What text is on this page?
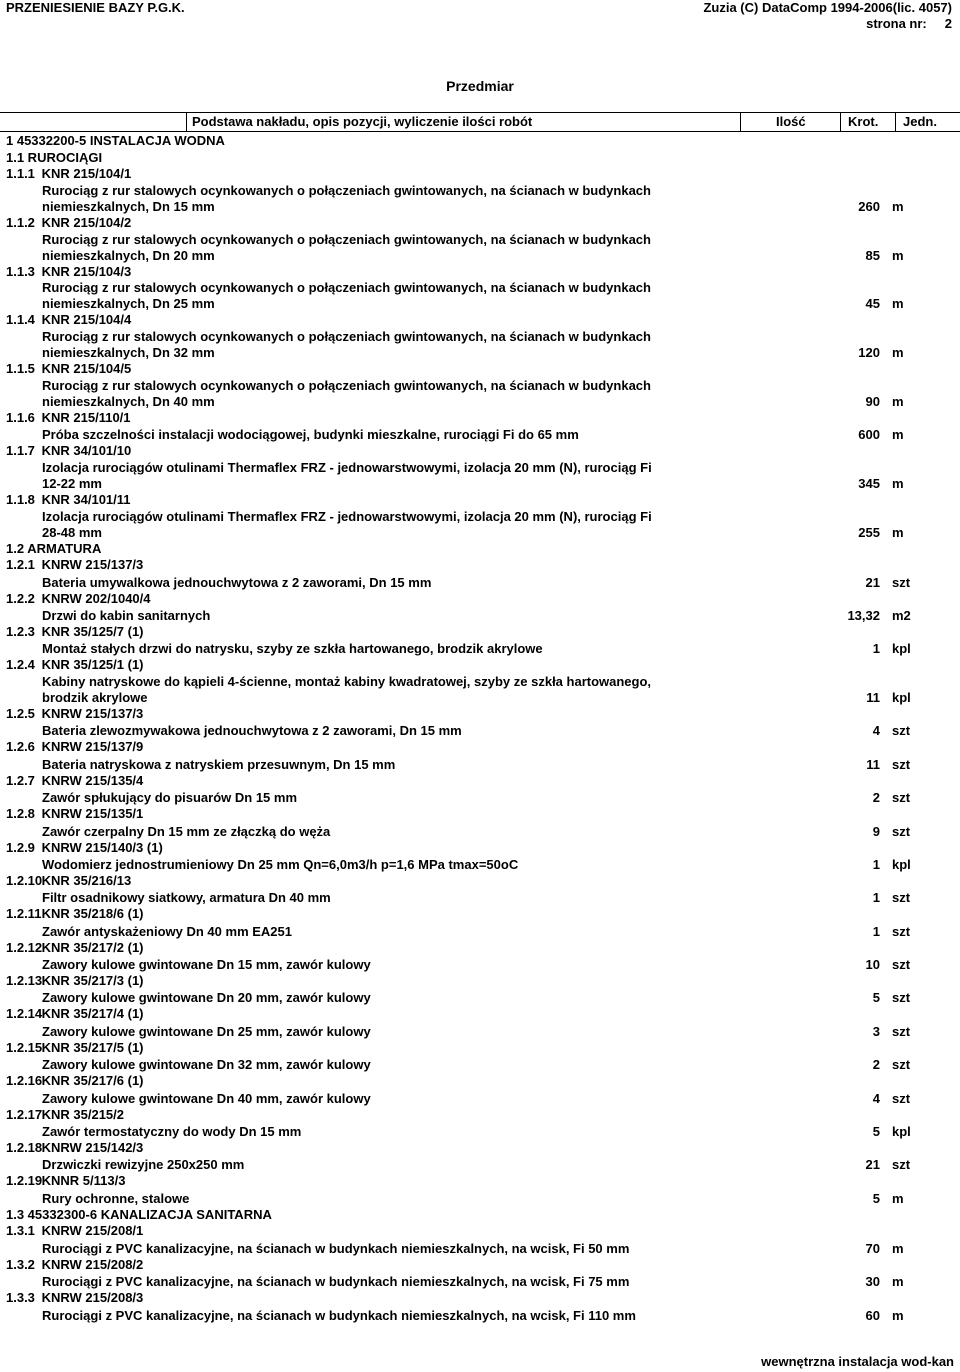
PRZENIESIENIE BAZY P.G.K.	Zuzia (C) DataComp 1994-2006(lic. 4057)
strona nr: 2
Przedmiar
Podstawa nakładu, opis pozycji, wyliczenie ilości robót	Ilość	Krot. Jedn.
1 45332200-5 INSTALACJA WODNA
1.1 RUROCIĄGI
1.1.1 KNR 215/104/1
Rurociąg z rur stalowych ocynkowanych o połączeniach gwintowanych, na ścianach w budynkach
niemieszkalnych, Dn 15 mm	260 m
1.1.2 KNR 215/104/2
Rurociąg z rur stalowych ocynkowanych o połączeniach gwintowanych, na ścianach w budynkach
niemieszkalnych, Dn 20 mm	85 m
1.1.3 KNR 215/104/3
Rurociąg z rur stalowych ocynkowanych o połączeniach gwintowanych, na ścianach w budynkach
niemieszkalnych, Dn 25 mm	45 m
1.1.4 KNR 215/104/4
Rurociąg z rur stalowych ocynkowanych o połączeniach gwintowanych, na ścianach w budynkach
niemieszkalnych, Dn 32 mm	120 m
1.1.5 KNR 215/104/5
Rurociąg z rur stalowych ocynkowanych o połączeniach gwintowanych, na ścianach w budynkach
niemieszkalnych, Dn 40 mm	90 m
1.1.6 KNR 215/110/1
Próba szczelności instalacji wodociągowej, budynki mieszkalne, rurociągi Fi do 65 mm	600 m
1.1.7 KNR 34/101/10
Izolacja rurociągów otulinami Thermaflex FRZ - jednowarstwowymi, izolacja 20 mm (N), rurociąg Fi
12-22 mm	345 m
1.1.8 KNR 34/101/11
Izolacja rurociągów otulinami Thermaflex FRZ - jednowarstwowymi, izolacja 20 mm (N), rurociąg Fi
28-48 mm	255 m
1.2 ARMATURA
1.2.1 KNRW 215/137/3
Bateria umywalkowa jednouchwytowa z 2 zaworami, Dn 15 mm	21 szt
1.2.2 KNRW 202/1040/4
Drzwi do kabin sanitarnych	13,32 m2
1.2.3 KNR 35/125/7 (1)
Montaż stałych drzwi do natrysku, szyby ze szkła hartowanego, brodzik akrylowe	1 kpl
1.2.4 KNR 35/125/1 (1)
Kabiny natryskowe do kąpieli 4-ścienne, montaż kabiny kwadratowej, szyby ze szkła hartowanego,
brodzik akrylowe	11 kpl
1.2.5 KNRW 215/137/3
Bateria zlewozmywakowa jednouchwytowa z 2 zaworami, Dn 15 mm	4 szt
1.2.6 KNRW 215/137/9
Bateria natryskowa z natryskiem przesuwnym, Dn 15 mm	11 szt
1.2.7 KNRW 215/135/4
Zawór spłukujący do pisuarów Dn 15 mm	2 szt
1.2.8 KNRW 215/135/1
Zawór czerpalny Dn 15 mm ze złączką do węża	9 szt
1.2.9 KNRW 215/140/3 (1)
Wodomierz jednostrumieniowy Dn 25 mm Qn=6,0m3/h p=1,6 MPa tmax=50oC	1 kpl
1.2.10 KNR 35/216/13
Filtr osadnikowy siatkowy, armatura Dn 40 mm	1 szt
1.2.11 KNR 35/218/6 (1)
Zawór antyskażeniowy Dn 40 mm EA251	1 szt
1.2.12 KNR 35/217/2 (1)
Zawory kulowe gwintowane Dn 15 mm, zawór kulowy	10 szt
1.2.13 KNR 35/217/3 (1)
Zawory kulowe gwintowane Dn 20 mm, zawór kulowy	5 szt
1.2.14 KNR 35/217/4 (1)
Zawory kulowe gwintowane Dn 25 mm, zawór kulowy	3 szt
1.2.15 KNR 35/217/5 (1)
Zawory kulowe gwintowane Dn 32 mm, zawór kulowy	2 szt
1.2.16 KNR 35/217/6 (1)
Zawory kulowe gwintowane Dn 40 mm, zawór kulowy	4 szt
1.2.17 KNR 35/215/2
Zawór termostatyczny do wody Dn 15 mm	5 kpl
1.2.18 KNRW 215/142/3
Drzwiczki rewizyjne 250x250 mm	21 szt
1.2.19 KNNR 5/113/3
Rury ochronne, stalowe	5 m
1.3 45332300-6 KANALIZACJA SANITARNA
1.3.1 KNRW 215/208/1
Rurociągi z PVC kanalizacyjne, na ścianach w budynkach niemieszkalnych, na wcisk, Fi 50 mm	70 m
1.3.2 KNRW 215/208/2
Rurociągi z PVC kanalizacyjne, na ścianach w budynkach niemieszkalnych, na wcisk, Fi 75 mm	30 m
1.3.3 KNRW 215/208/3
Rurociągi z PVC kanalizacyjne, na ścianach w budynkach niemieszkalnych, na wcisk, Fi 110 mm	60 m
wewnętrzna instalacja wod-kan
